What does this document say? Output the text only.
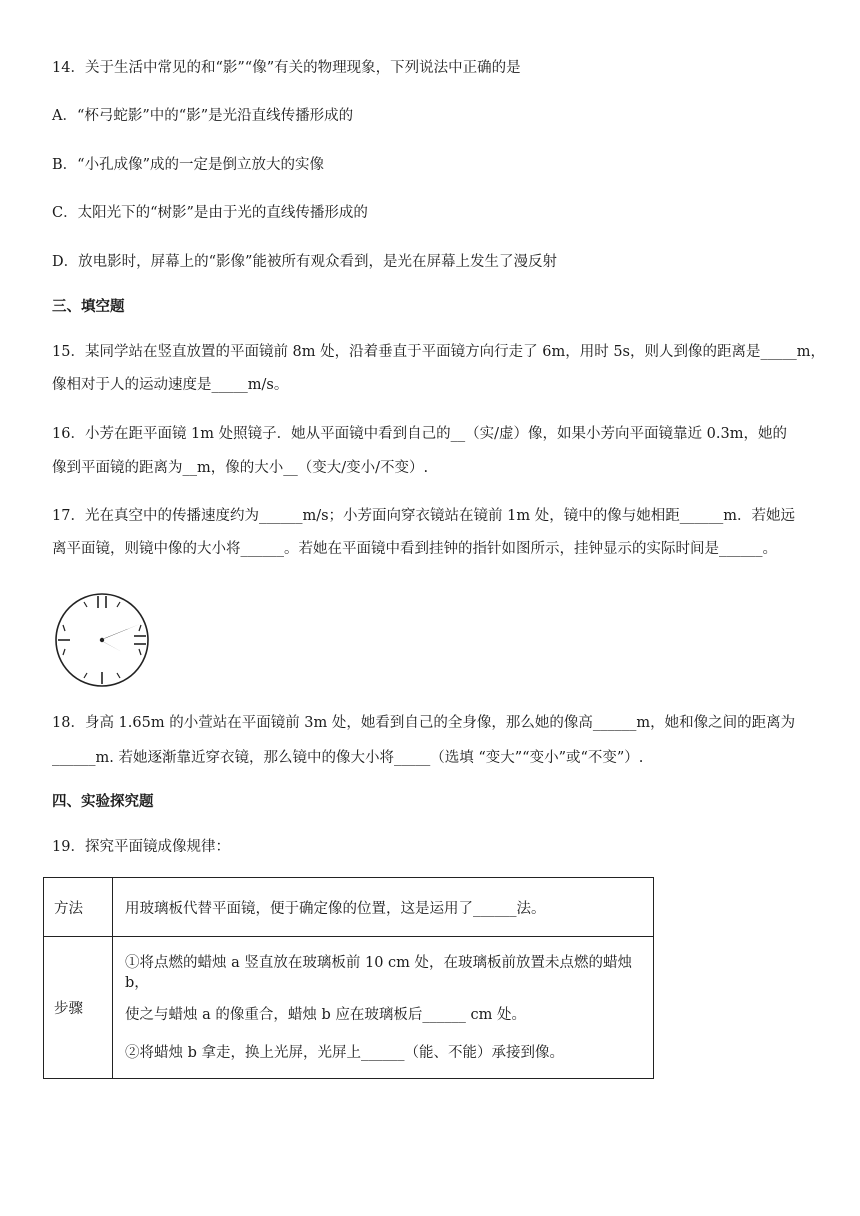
14．关于生活中常见的和“影”“像”有关的物理现象，下列说法中正确的是
A．“杯弓蛇影”中的“影”是光沿直线传播形成的
B．“小孔成像”成的一定是倒立放大的实像
C．太阳光下的“树影”是由于光的直线传播形成的
D．放电影时，屏幕上的“影像”能被所有观众看到，是光在屏幕上发生了漫反射
三、填空题
15．某同学站在竖直放置的平面镜前 8m 处，沿着垂直于平面镜方向行走了 6m，用时 5s，则人到像的距离是_____m，
像相对于人的运动速度是_____m/s。
16．小芳在距平面镜 1m 处照镜子．她从平面镜中看到自己的__（实/虚）像，如果小芳向平面镜靠近 0.3m，她的
像到平面镜的距离为__m，像的大小__（变大/变小/不变）.
17．光在真空中的传播速度约为______m/s；小芳面向穿衣镜站在镜前 1m 处，镜中的像与她相距______m．若她远
离平面镜，则镜中像的大小将______。若她在平面镜中看到挂钟的指针如图所示，挂钟显示的实际时间是______。
18．身高 1.65m 的小萱站在平面镜前 3m 处，她看到自己的全身像，那么她的像高______m，她和像之间的距离为
______m. 若她逐渐靠近穿衣镜，那么镜中的像大小将_____（选填 “变大”“变小”或“不变”）.
四、实验探究题
19．探究平面镜成像规律：
方法	用玻璃板代替平面镜，便于确定像的位置，这是运用了______法。
步骤	①将点燃的蜡烛 a 竖直放在玻璃板前 10 cm 处，在玻璃板前放置未点燃的蜡烛 b，

使之与蜡烛 a 的像重合，蜡烛 b 应在玻璃板后______ cm 处。

②将蜡烛 b 拿走，换上光屏，光屏上______（能、不能）承接到像。
